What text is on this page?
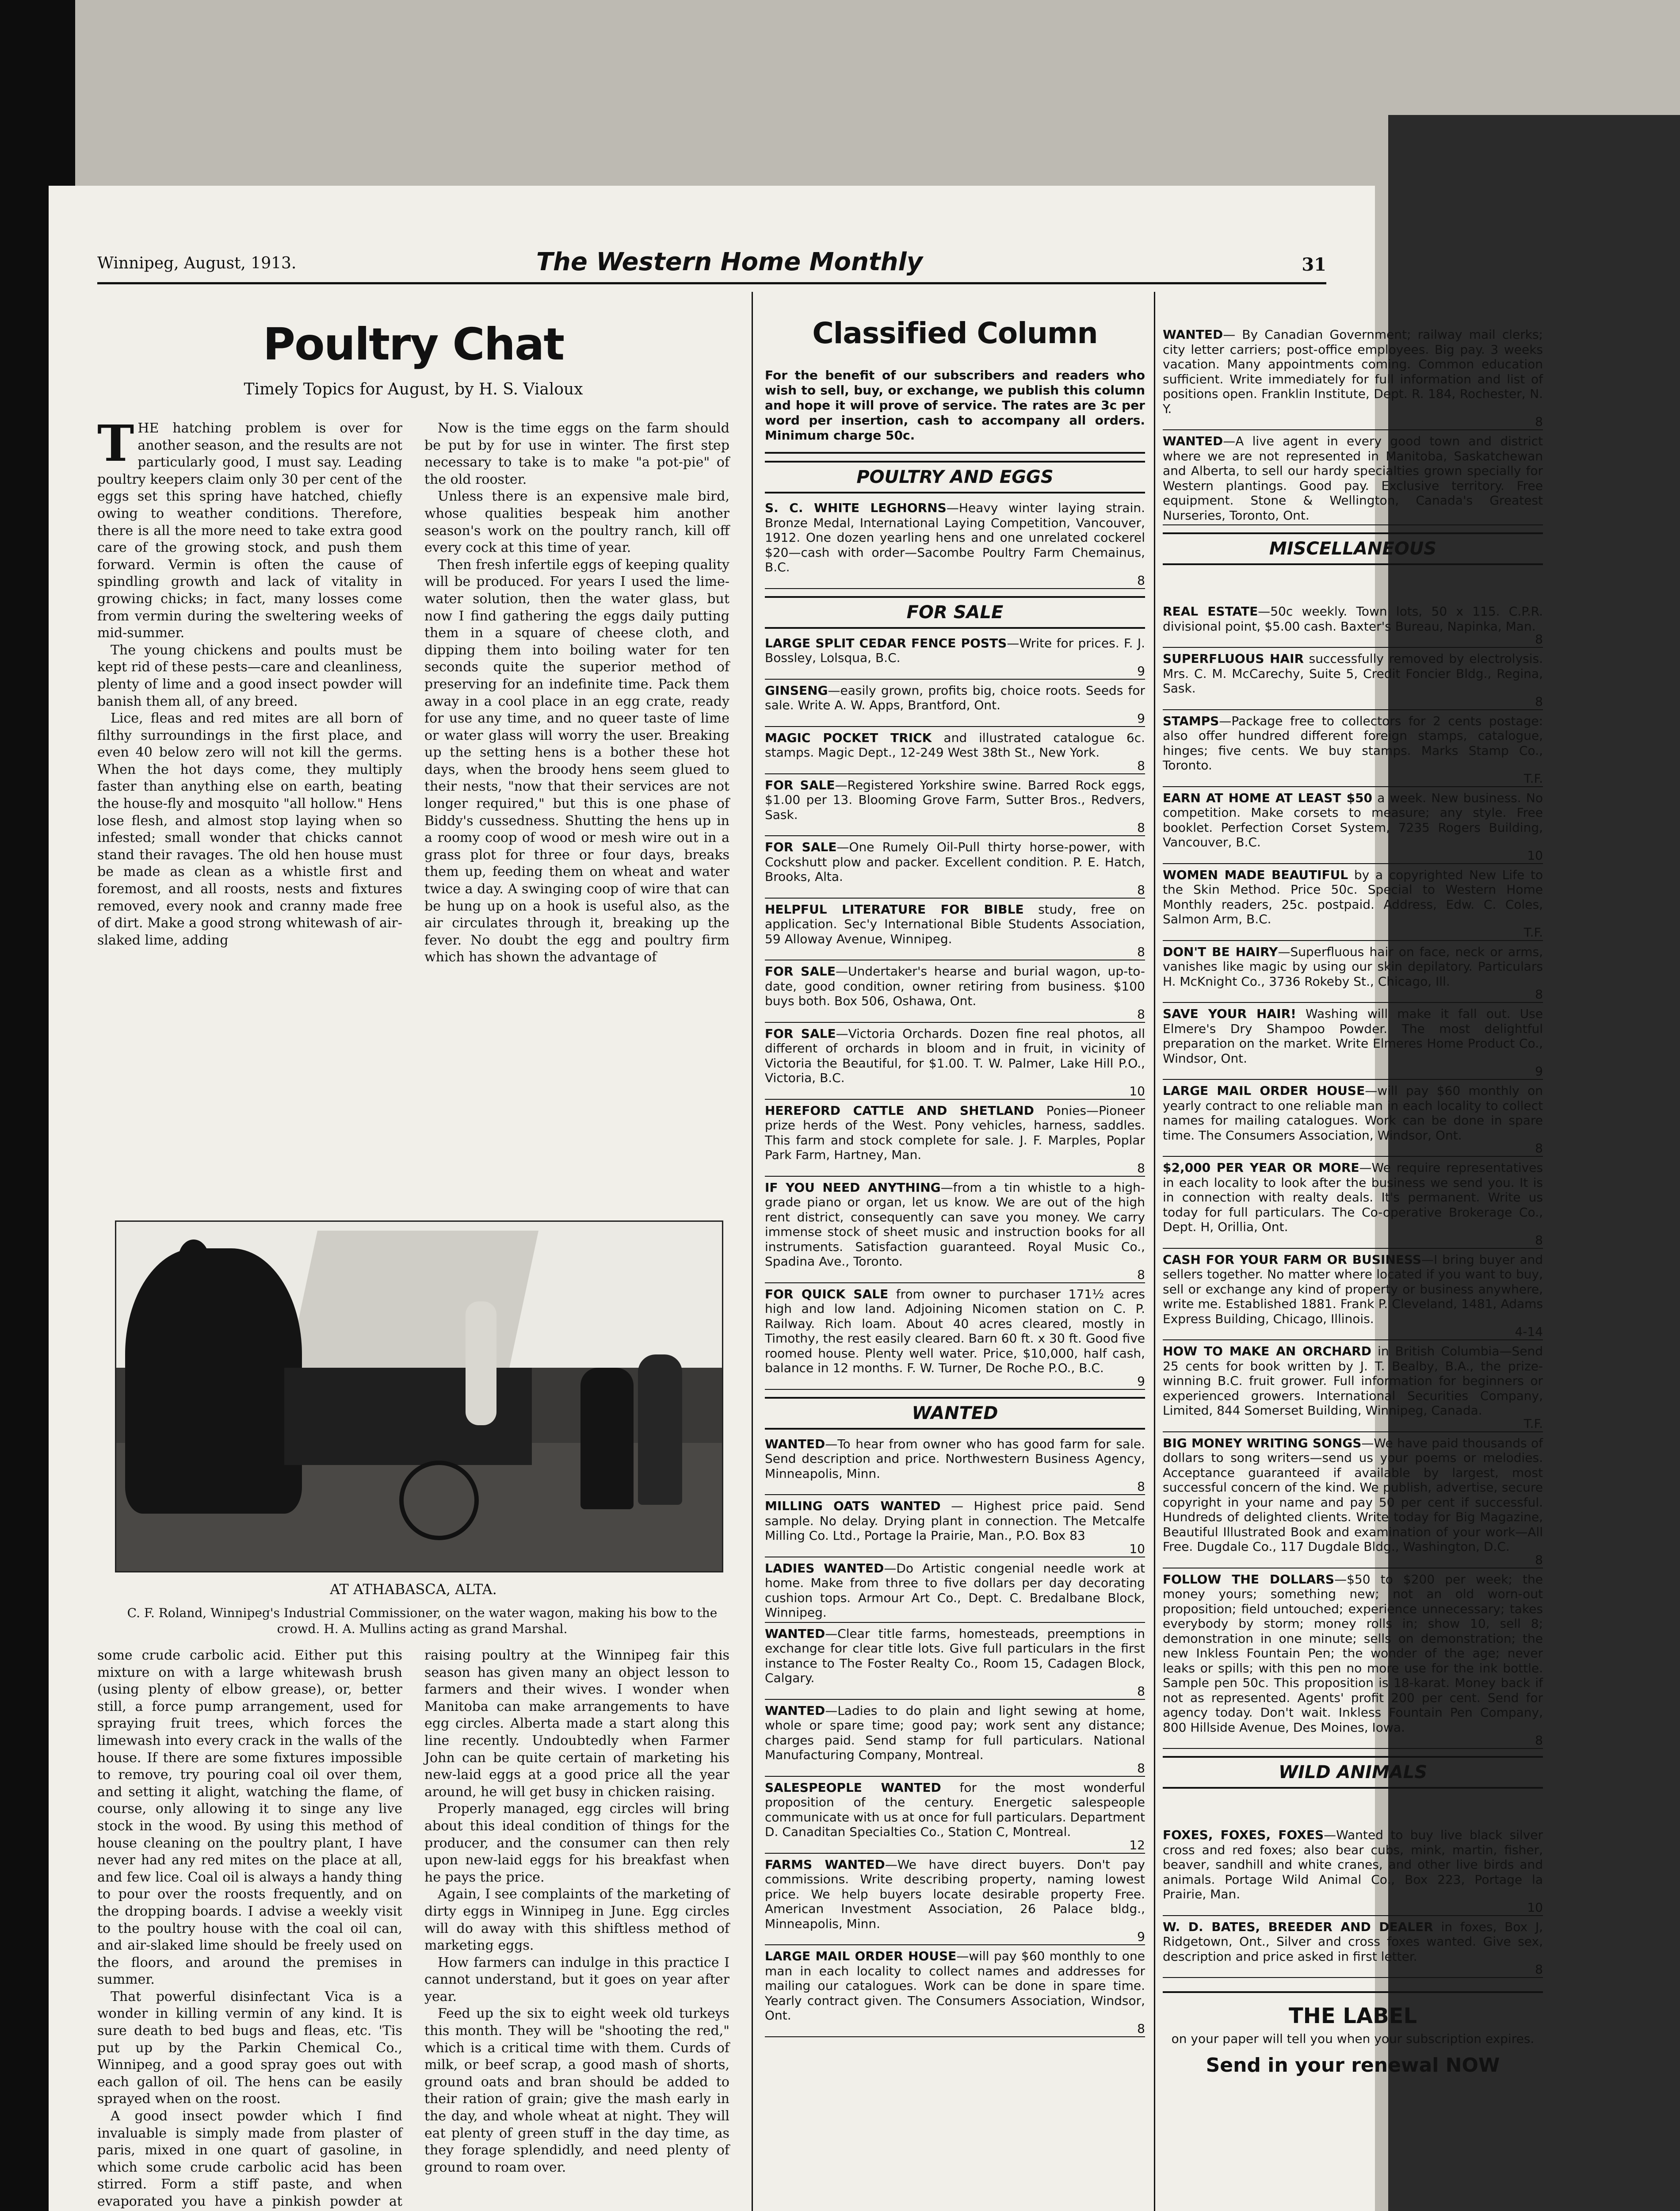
Winnipeg, August, 1913.	The Western Home Monthly	31
Poultry Chat
Timely Topics for August, by H. S. Vialoux

THE hatching problem is over for another season, and the results are not particularly good, I must say. Leading poultry keepers claim only 30 per cent of the eggs set this spring have hatched, chiefly owing to weather conditions. Therefore, there is all the more need to take extra good care of the growing stock, and push them forward. Vermin is often the cause of spindling growth and lack of vitality in growing chicks; in fact, many losses come from vermin during the sweltering weeks of mid-summer.

The young chickens and poults must be kept rid of these pests—care and cleanliness, plenty of lime and a good insect powder will banish them all, of any breed.

Lice, fleas and red mites are all born of filthy surroundings in the first place, and even 40 below zero will not kill the germs. When the hot days come, they multiply faster than anything else on earth, beating the house-fly and mosquito "all hollow." Hens lose flesh, and almost stop laying when so infested; small wonder that chicks cannot stand their ravages. The old hen house must be made as clean as a whistle first and foremost, and all roosts, nests and fixtures removed, every nook and cranny made free of dirt. Make a good strong whitewash of air-slaked lime, adding

Now is the time eggs on the farm should be put by for use in winter. The first step necessary to take is to make "a pot-pie" of the old rooster.

Unless there is an expensive male bird, whose qualities bespeak him another season's work on the poultry ranch, kill off every cock at this time of year.

Then fresh infertile eggs of keeping quality will be produced. For years I used the lime-water solution, then the water glass, but now I find gathering the eggs daily putting them in a square of cheese cloth, and dipping them into boiling water for ten seconds quite the superior method of preserving for an indefinite time. Pack them away in a cool place in an egg crate, ready for use any time, and no queer taste of lime or water glass will worry the user. Breaking up the setting hens is a bother these hot days, when the broody hens seem glued to their nests, "now that their services are not longer required," but this is one phase of Biddy's cussedness. Shutting the hens up in a roomy coop of wood or mesh wire out in a grass plot for three or four days, breaks them up, feeding them on wheat and water twice a day. A swinging coop of wire that can be hung up on a hook is useful also, as the air circulates through it, breaking up the fever. No doubt the egg and poultry firm which has shown the advantage of

AT ATHABASCA, ALTA.
C. F. Roland, Winnipeg's Industrial Commissioner, on the water wagon, making his bow to the crowd. H. A. Mullins acting as grand Marshal.

some crude carbolic acid. Either put this mixture on with a large whitewash brush (using plenty of elbow grease), or, better still, a force pump arrangement, used for spraying fruit trees, which forces the limewash into every crack in the walls of the house. If there are some fixtures impossible to remove, try pouring coal oil over them, and setting it alight, watching the flame, of course, only allowing it to singe any live stock in the wood. By using this method of house cleaning on the poultry plant, I have never had any red mites on the place at all, and few lice. Coal oil is always a handy thing to pour over the roosts frequently, and on the dropping boards. I advise a weekly visit to the poultry house with the coal oil can, and air-slaked lime should be freely used on the floors, and around the premises in summer.

That powerful disinfectant Vica is a wonder in killing vermin of any kind. It is sure death to bed bugs and fleas, etc. 'Tis put up by the Parkin Chemical Co., Winnipeg, and a good spray goes out with each gallon of oil. The hens can be easily sprayed when on the roost.

A good insect powder which I find invaluable is simply made from plaster of paris, mixed in one quart of gasoline, in which some crude carbolic acid has been stirred. Form a stiff paste, and when evaporated you have a pinkish powder at

raising poultry at the Winnipeg fair this season has given many an object lesson to farmers and their wives. I wonder when Manitoba can make arrangements to have egg circles. Alberta made a start along this line recently. Undoubtedly when Farmer John can be quite certain of marketing his new-laid eggs at a good price all the year around, he will get busy in chicken raising.

Properly managed, egg circles will bring about this ideal condition of things for the producer, and the consumer can then rely upon new-laid eggs for his breakfast when he pays the price.

Again, I see complaints of the marketing of dirty eggs in Winnipeg in June. Egg circles will do away with this shiftless method of marketing eggs.

How farmers can indulge in this practice I cannot understand, but it goes on year after year.

Feed up the six to eight week old turkeys this month. They will be "shooting the red," which is a critical time with them. Curds of milk, or beef scrap, a good mash of shorts, ground oats and bran should be added to their ration of grain; give the mash early in the day, and whole wheat at night. They will eat plenty of green stuff in the day time, as they forage splendidly, and need plenty of ground to roam over.

Classified Column
For the benefit of our subscribers and readers who wish to sell, buy, or exchange, we publish this column and hope it will prove of service. The rates are 3c per word per insertion, cash to accompany all orders. Minimum charge 50c.
POULTRY AND EGGS

S. C. WHITE LEGHORNS—Heavy winter laying strain. Bronze Medal, International Laying Competition, Vancouver, 1912. One dozen yearling hens and one unrelated cockerel $20—cash with order—Sacombe Poultry Farm Chemainus, B.C.
8

FOR SALE

LARGE SPLIT CEDAR FENCE POSTS—Write for prices. F. J. Bossley, Lolsqua, B.C.
9

GINSENG—easily grown, profits big, choice roots. Seeds for sale. Write A. W. Apps, Brantford, Ont.
9

MAGIC POCKET TRICK and illustrated catalogue 6c. stamps. Magic Dept., 12-249 West 38th St., New York.
8

FOR SALE—Registered Yorkshire swine. Barred Rock eggs, $1.00 per 13. Blooming Grove Farm, Sutter Bros., Redvers, Sask.
8

FOR SALE—One Rumely Oil-Pull thirty horse-power, with Cockshutt plow and packer. Excellent condition. P. E. Hatch, Brooks, Alta.
8

HELPFUL LITERATURE FOR BIBLE study, free on application. Sec'y International Bible Students Association, 59 Alloway Avenue, Winnipeg.
8

FOR SALE—Undertaker's hearse and burial wagon, up-to-date, good condition, owner retiring from business. $100 buys both. Box 506, Oshawa, Ont.
8

FOR SALE—Victoria Orchards. Dozen fine real photos, all different of orchards in bloom and in fruit, in vicinity of Victoria the Beautiful, for $1.00. T. W. Palmer, Lake Hill P.O., Victoria, B.C.
10

HEREFORD CATTLE AND SHETLAND Ponies—Pioneer prize herds of the West. Pony vehicles, harness, saddles. This farm and stock complete for sale. J. F. Marples, Poplar Park Farm, Hartney, Man.
8

IF YOU NEED ANYTHING—from a tin whistle to a high-grade piano or organ, let us know. We are out of the high rent district, consequently can save you money. We carry immense stock of sheet music and instruction books for all instruments. Satisfaction guaranteed. Royal Music Co., Spadina Ave., Toronto.
8

FOR QUICK SALE from owner to purchaser 171½ acres high and low land. Adjoining Nicomen station on C. P. Railway. Rich loam. About 40 acres cleared, mostly in Timothy, the rest easily cleared. Barn 60 ft. x 30 ft. Good five roomed house. Plenty well water. Price, $10,000, half cash, balance in 12 months. F. W. Turner, De Roche P.O., B.C.
9

WANTED

WANTED—To hear from owner who has good farm for sale. Send description and price. Northwestern Business Agency, Minneapolis, Minn.
8

MILLING OATS WANTED — Highest price paid. Send sample. No delay. Drying plant in connection. The Metcalfe Milling Co. Ltd., Portage la Prairie, Man., P.O. Box 83
10

LADIES WANTED—Do Artistic congenial needle work at home. Make from three to five dollars per day decorating cushion tops. Armour Art Co., Dept. C. Bredalbane Block, Winnipeg.

WANTED—Clear title farms, homesteads, preemptions in exchange for clear title lots. Give full particulars in the first instance to The Foster Realty Co., Room 15, Cadagen Block, Calgary.
8

WANTED—Ladies to do plain and light sewing at home, whole or spare time; good pay; work sent any distance; charges paid. Send stamp for full particulars. National Manufacturing Company, Montreal.
8

SALESPEOPLE WANTED for the most wonderful proposition of the century. Energetic salespeople communicate with us at once for full particulars. Department D. Canaditan Specialties Co., Station C, Montreal.
12

FARMS WANTED—We have direct buyers. Don't pay commissions. Write describing property, naming lowest price. We help buyers locate desirable property Free. American Investment Association, 26 Palace bldg., Minneapolis, Minn.
9

LARGE MAIL ORDER HOUSE—will pay $60 monthly to one man in each locality to collect names and addresses for mailing our catalogues. Work can be done in spare time. Yearly contract given. The Consumers Association, Windsor, Ont.
8

WANTED— By Canadian Government; railway mail clerks; city letter carriers; post-office employees. Big pay. 3 weeks vacation. Many appointments coming. Common education sufficient. Write immediately for full information and list of positions open. Franklin Institute, Dept. R. 184, Rochester, N. Y.
8

WANTED—A live agent in every good town and district where we are not represented in Manitoba, Saskatchewan and Alberta, to sell our hardy specialties grown specially for Western plantings. Good pay. Exclusive territory. Free equipment. Stone & Wellington, Canada's Greatest Nurseries, Toronto, Ont.

MISCELLANEOUS

REAL ESTATE—50c weekly. Town lots, 50 x 115. C.P.R. divisional point, $5.00 cash. Baxter's Bureau, Napinka, Man.
8

SUPERFLUOUS HAIR successfully removed by electrolysis. Mrs. C. M. McCarechy, Suite 5, Credit Foncier Bldg., Regina, Sask.
8

STAMPS—Package free to collectors for 2 cents postage: also offer hundred different foreign stamps, catalogue, hinges; five cents. We buy stamps. Marks Stamp Co., Toronto.
T.F.

EARN AT HOME AT LEAST $50 a week. New business. No competition. Make corsets to measure; any style. Free booklet. Perfection Corset System, 7235 Rogers Building, Vancouver, B.C.
10

WOMEN MADE BEAUTIFUL by a copyrighted New Life to the Skin Method. Price 50c. Special to Western Home Monthly readers, 25c. postpaid. Address, Edw. C. Coles, Salmon Arm, B.C.
T.F.

DON'T BE HAIRY—Superfluous hair on face, neck or arms, vanishes like magic by using our skin depilatory. Particulars H. McKnight Co., 3736 Rokeby St., Chicago, Ill.
8

SAVE YOUR HAIR! Washing will make it fall out. Use Elmere's Dry Shampoo Powder. The most delightful preparation on the market. Write Elmeres Home Product Co., Windsor, Ont.
9

LARGE MAIL ORDER HOUSE—will pay $60 monthly on yearly contract to one reliable man in each locality to collect names for mailing catalogues. Work can be done in spare time. The Consumers Association, Windsor, Ont.
8

$2,000 PER YEAR OR MORE—We require representatives in each locality to look after the business we send you. It is in connection with realty deals. It's permanent. Write us today for full particulars. The Co-operative Brokerage Co., Dept. H, Orillia, Ont.
8

CASH FOR YOUR FARM OR BUSINESS—I bring buyer and sellers together. No matter where located if you want to buy, sell or exchange any kind of property or business anywhere, write me. Established 1881. Frank P. Cleveland, 1481, Adams Express Building, Chicago, Illinois.
4-14

HOW TO MAKE AN ORCHARD in British Columbia—Send 25 cents for book written by J. T. Bealby, B.A., the prize-winning B.C. fruit grower. Full information for beginners or experienced growers. International Securities Company, Limited, 844 Somerset Building, Winnipeg, Canada.
T.F.

BIG MONEY WRITING SONGS—We have paid thousands of dollars to song writers—send us your poems or melodies. Acceptance guaranteed if available by largest, most successful concern of the kind. We publish, advertise, secure copyright in your name and pay 50 per cent if successful. Hundreds of delighted clients. Write today for Big Magazine, Beautiful Illustrated Book and examination of your work—All Free. Dugdale Co., 117 Dugdale Bldg., Washington, D.C.
8

FOLLOW THE DOLLARS—$50 to $200 per week; the money yours; something new; not an old worn-out proposition; field untouched; experience unnecessary; takes everybody by storm; money rolls in; show 10, sell 8; demonstration in one minute; sells on demonstration; the new Inkless Fountain Pen; the wonder of the age; never leaks or spills; with this pen no more use for the ink bottle. Sample pen 50c. This proposition is 18-karat. Money back if not as represented. Agents' profit 200 per cent. Send for agency today. Don't wait. Inkless Fountain Pen Company, 800 Hillside Avenue, Des Moines, Iowa.
8

WILD ANIMALS

FOXES, FOXES, FOXES—Wanted to buy live black silver cross and red foxes; also bear cubs, mink, martin, fisher, beaver, sandhill and white cranes, and other live birds and animals. Portage Wild Animal Co., Box 223, Portage la Prairie, Man.
10

W. D. BATES, BREEDER AND DEALER in foxes, Box J, Ridgetown, Ont., Silver and cross foxes wanted. Give sex, description and price asked in first letter.
8

THE LABEL
on your paper will tell you when your subscription expires.
Send in your renewal NOW
